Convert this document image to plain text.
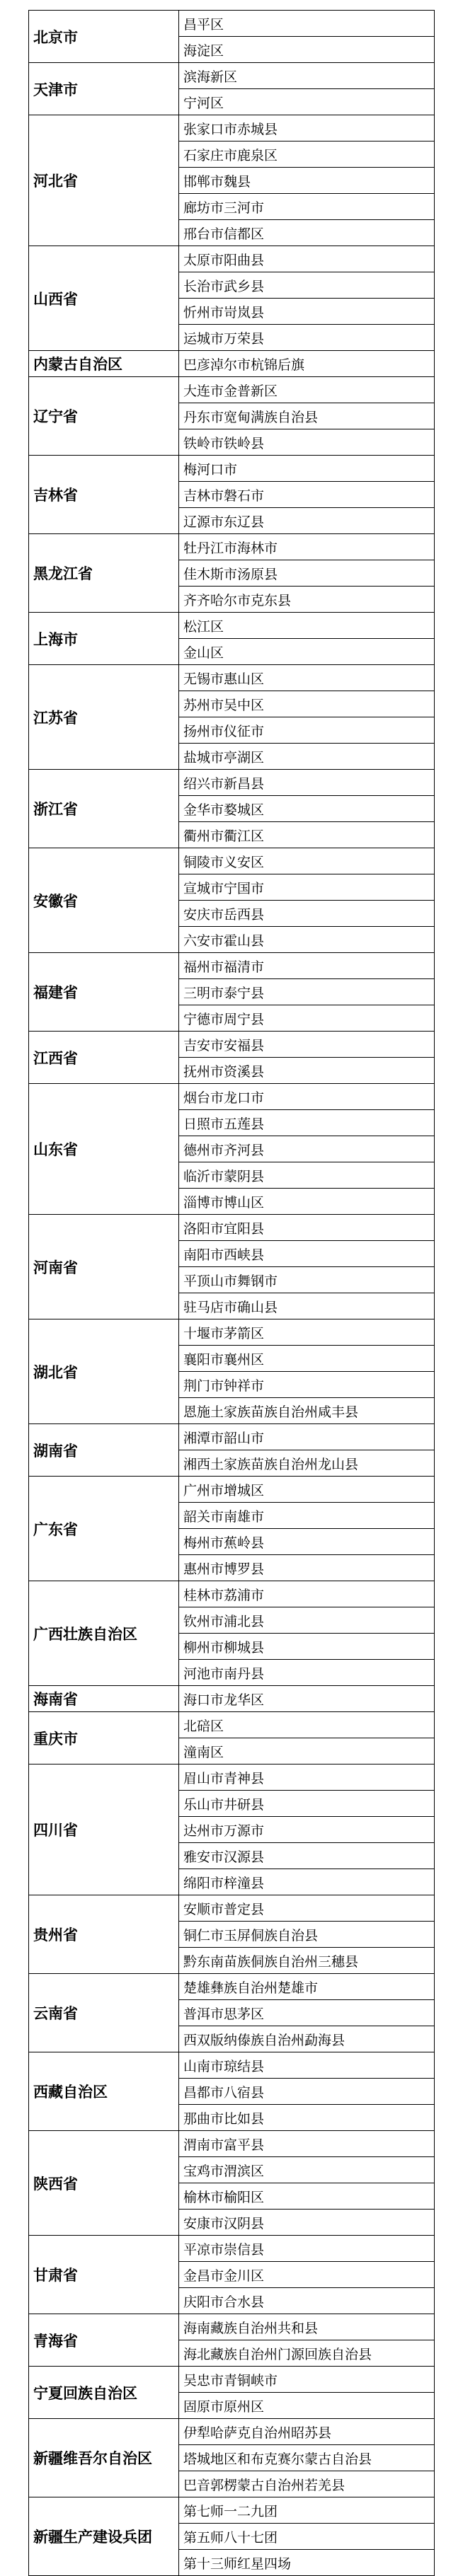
北京市	昌平区
	海淀区
天津市	滨海新区
	宁河区
河北省	张家口市赤城县
	石家庄市鹿泉区
	邯郸市魏县
	廊坊市三河市
	邢台市信都区
山西省	太原市阳曲县
	长治市武乡县
	忻州市岢岚县
	运城市万荣县
内蒙古自治区	巴彦淖尔市杭锦后旗
辽宁省	大连市金普新区
	丹东市宽甸满族自治县
	铁岭市铁岭县
吉林省	梅河口市
	吉林市磐石市
	辽源市东辽县
黑龙江省	牡丹江市海林市
	佳木斯市汤原县
	齐齐哈尔市克东县
上海市	松江区
	金山区
江苏省	无锡市惠山区
	苏州市吴中区
	扬州市仪征市
	盐城市亭湖区
浙江省	绍兴市新昌县
	金华市婺城区
	衢州市衢江区
安徽省	铜陵市义安区
	宣城市宁国市
	安庆市岳西县
	六安市霍山县
福建省	福州市福清市
	三明市泰宁县
	宁德市周宁县
江西省	吉安市安福县
	抚州市资溪县
山东省	烟台市龙口市
	日照市五莲县
	德州市齐河县
	临沂市蒙阴县
	淄博市博山区
河南省	洛阳市宜阳县
	南阳市西峡县
	平顶山市舞钢市
	驻马店市确山县
湖北省	十堰市茅箭区
	襄阳市襄州区
	荆门市钟祥市
	恩施土家族苗族自治州咸丰县
湖南省	湘潭市韶山市
	湘西土家族苗族自治州龙山县
广东省	广州市增城区
	韶关市南雄市
	梅州市蕉岭县
	惠州市博罗县
广西壮族自治区	桂林市荔浦市
	钦州市浦北县
	柳州市柳城县
	河池市南丹县
海南省	海口市龙华区
重庆市	北碚区
	潼南区
四川省	眉山市青神县
	乐山市井研县
	达州市万源市
	雅安市汉源县
	绵阳市梓潼县
贵州省	安顺市普定县
	铜仁市玉屏侗族自治县
	黔东南苗族侗族自治州三穗县
云南省	楚雄彝族自治州楚雄市
	普洱市思茅区
	西双版纳傣族自治州勐海县
西藏自治区	山南市琼结县
	昌都市八宿县
	那曲市比如县
陕西省	渭南市富平县
	宝鸡市渭滨区
	榆林市榆阳区
	安康市汉阴县
甘肃省	平凉市崇信县
	金昌市金川区
	庆阳市合水县
青海省	海南藏族自治州共和县
	海北藏族自治州门源回族自治县
宁夏回族自治区	吴忠市青铜峡市
	固原市原州区
新疆维吾尔自治区	伊犁哈萨克自治州昭苏县
	塔城地区和布克赛尔蒙古自治县
	巴音郭楞蒙古自治州若羌县
新疆生产建设兵团	第七师一二九团
	第五师八十七团
	第十三师红星四场
